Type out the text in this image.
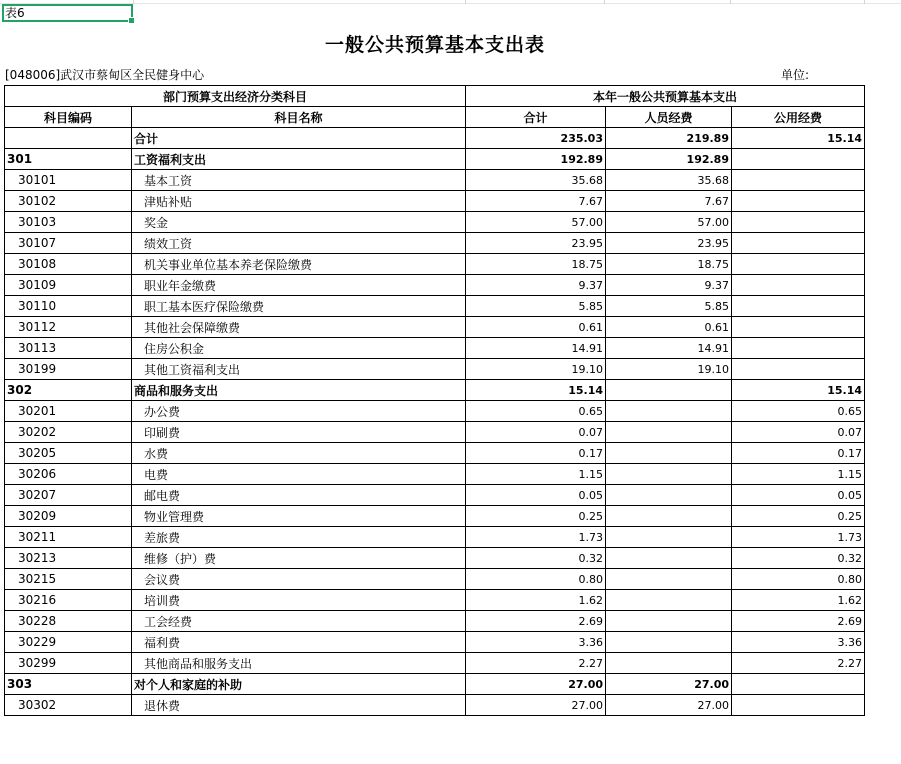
表6
一般公共预算基本支出表
[048006]武汉市蔡甸区全民健身中心	单位:
部门预算支出经济分类科目		本年一般公共预算基本支出		
科目编码	科目名称	合计	人员经费	公用经费
	合计	235.03	219.89	15.14
301	工资福利支出	192.89	192.89	
30101	基本工资	35.68	35.68	
30102	津贴补贴	7.67	7.67	
30103	奖金	57.00	57.00	
30107	绩效工资	23.95	23.95	
30108	机关事业单位基本养老保险缴费	18.75	18.75	
30109	职业年金缴费	9.37	9.37	
30110	职工基本医疗保险缴费	5.85	5.85	
30112	其他社会保障缴费	0.61	0.61	
30113	住房公积金	14.91	14.91	
30199	其他工资福利支出	19.10	19.10	
302	商品和服务支出	15.14		15.14
30201	办公费	0.65		0.65
30202	印刷费	0.07		0.07
30205	水费	0.17		0.17
30206	电费	1.15		1.15
30207	邮电费	0.05		0.05
30209	物业管理费	0.25		0.25
30211	差旅费	1.73		1.73
30213	维修（护）费	0.32		0.32
30215	会议费	0.80		0.80
30216	培训费	1.62		1.62
30228	工会经费	2.69		2.69
30229	福利费	3.36		3.36
30299	其他商品和服务支出	2.27		2.27
303	对个人和家庭的补助	27.00	27.00	
30302	退休费	27.00	27.00	
